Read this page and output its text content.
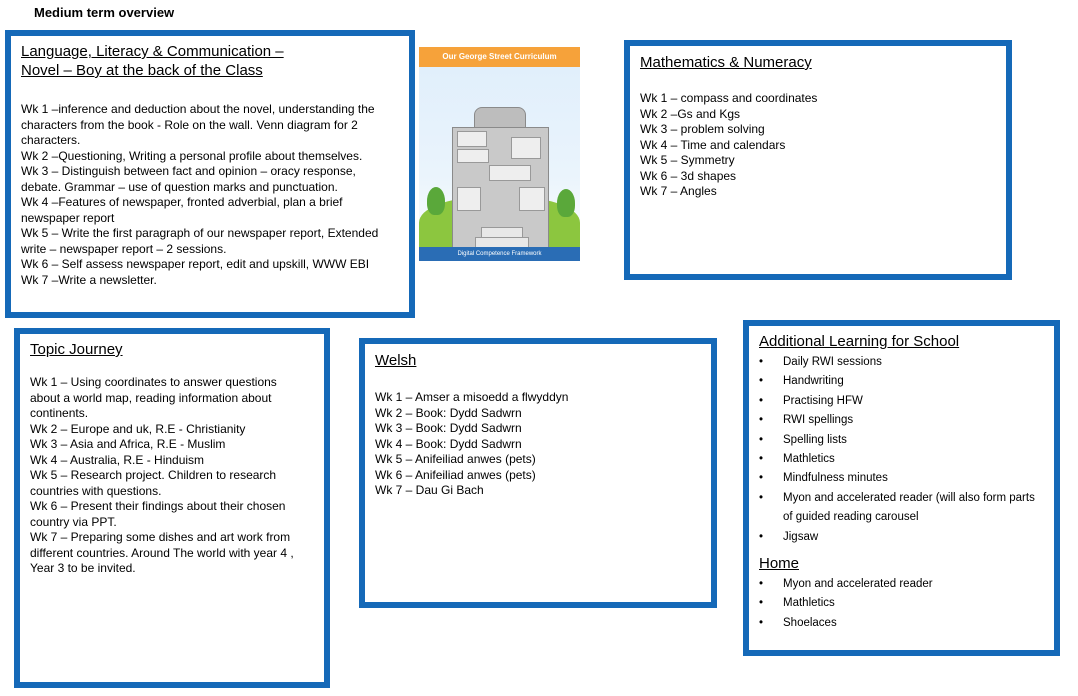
Medium term overview

Language, Literacy & Communication –
Novel – Boy at the back of the Class

Wk 1 –inference and deduction about the novel, understanding the
characters from the book - Role on the wall. Venn diagram for 2
characters.
Wk 2 –Questioning, Writing a personal profile about themselves.
Wk 3 – Distinguish between fact and opinion – oracy response,
debate. Grammar – use of question marks and punctuation.
Wk 4 –Features of newspaper, fronted adverbial, plan a brief
newspaper report
Wk 5 – Write the first paragraph of our newspaper report, Extended
write – newspaper report – 2 sessions.
Wk 6 – Self assess newspaper report, edit and upskill, WWW EBI
Wk 7 –Write a newsletter.
Our George Street Curriculum
Digital Competence Framework

Mathematics & Numeracy

Wk 1 – compass and coordinates
Wk 2 –Gs and Kgs
Wk 3 – problem solving
Wk 4 – Time and calendars
Wk 5 – Symmetry
Wk 6 – 3d shapes
Wk 7 – Angles

Topic Journey

Wk 1 – Using coordinates to answer questions
about a world map, reading information about
continents.
Wk 2 – Europe and uk, R.E - Christianity
Wk 3 – Asia and Africa, R.E - Muslim
Wk 4 – Australia, R.E - Hinduism
Wk 5 – Research project. Children to research
countries with questions.
Wk 6 – Present their findings about their chosen
country via PPT.
Wk 7 – Preparing some dishes and art work from
different countries. Around The world with year 4 ,
Year 3 to be invited.

Welsh

Wk 1 – Amser a misoedd a flwyddyn
Wk 2 – Book: Dydd Sadwrn
Wk 3 – Book: Dydd Sadwrn
Wk 4 – Book: Dydd Sadwrn
Wk 5 – Anifeiliad anwes (pets)
Wk 6 – Anifeiliad anwes (pets)
Wk 7 – Dau Gi Bach

Additional Learning for School

• Daily RWI sessions
• Handwriting
• Practising HFW
• RWI spellings
• Spelling lists
• Mathletics
• Mindfulness minutes
• Myon and accelerated reader (will also form parts of guided reading carousel
• Jigsaw

Home

• Myon and accelerated reader
• Mathletics
• Shoelaces
